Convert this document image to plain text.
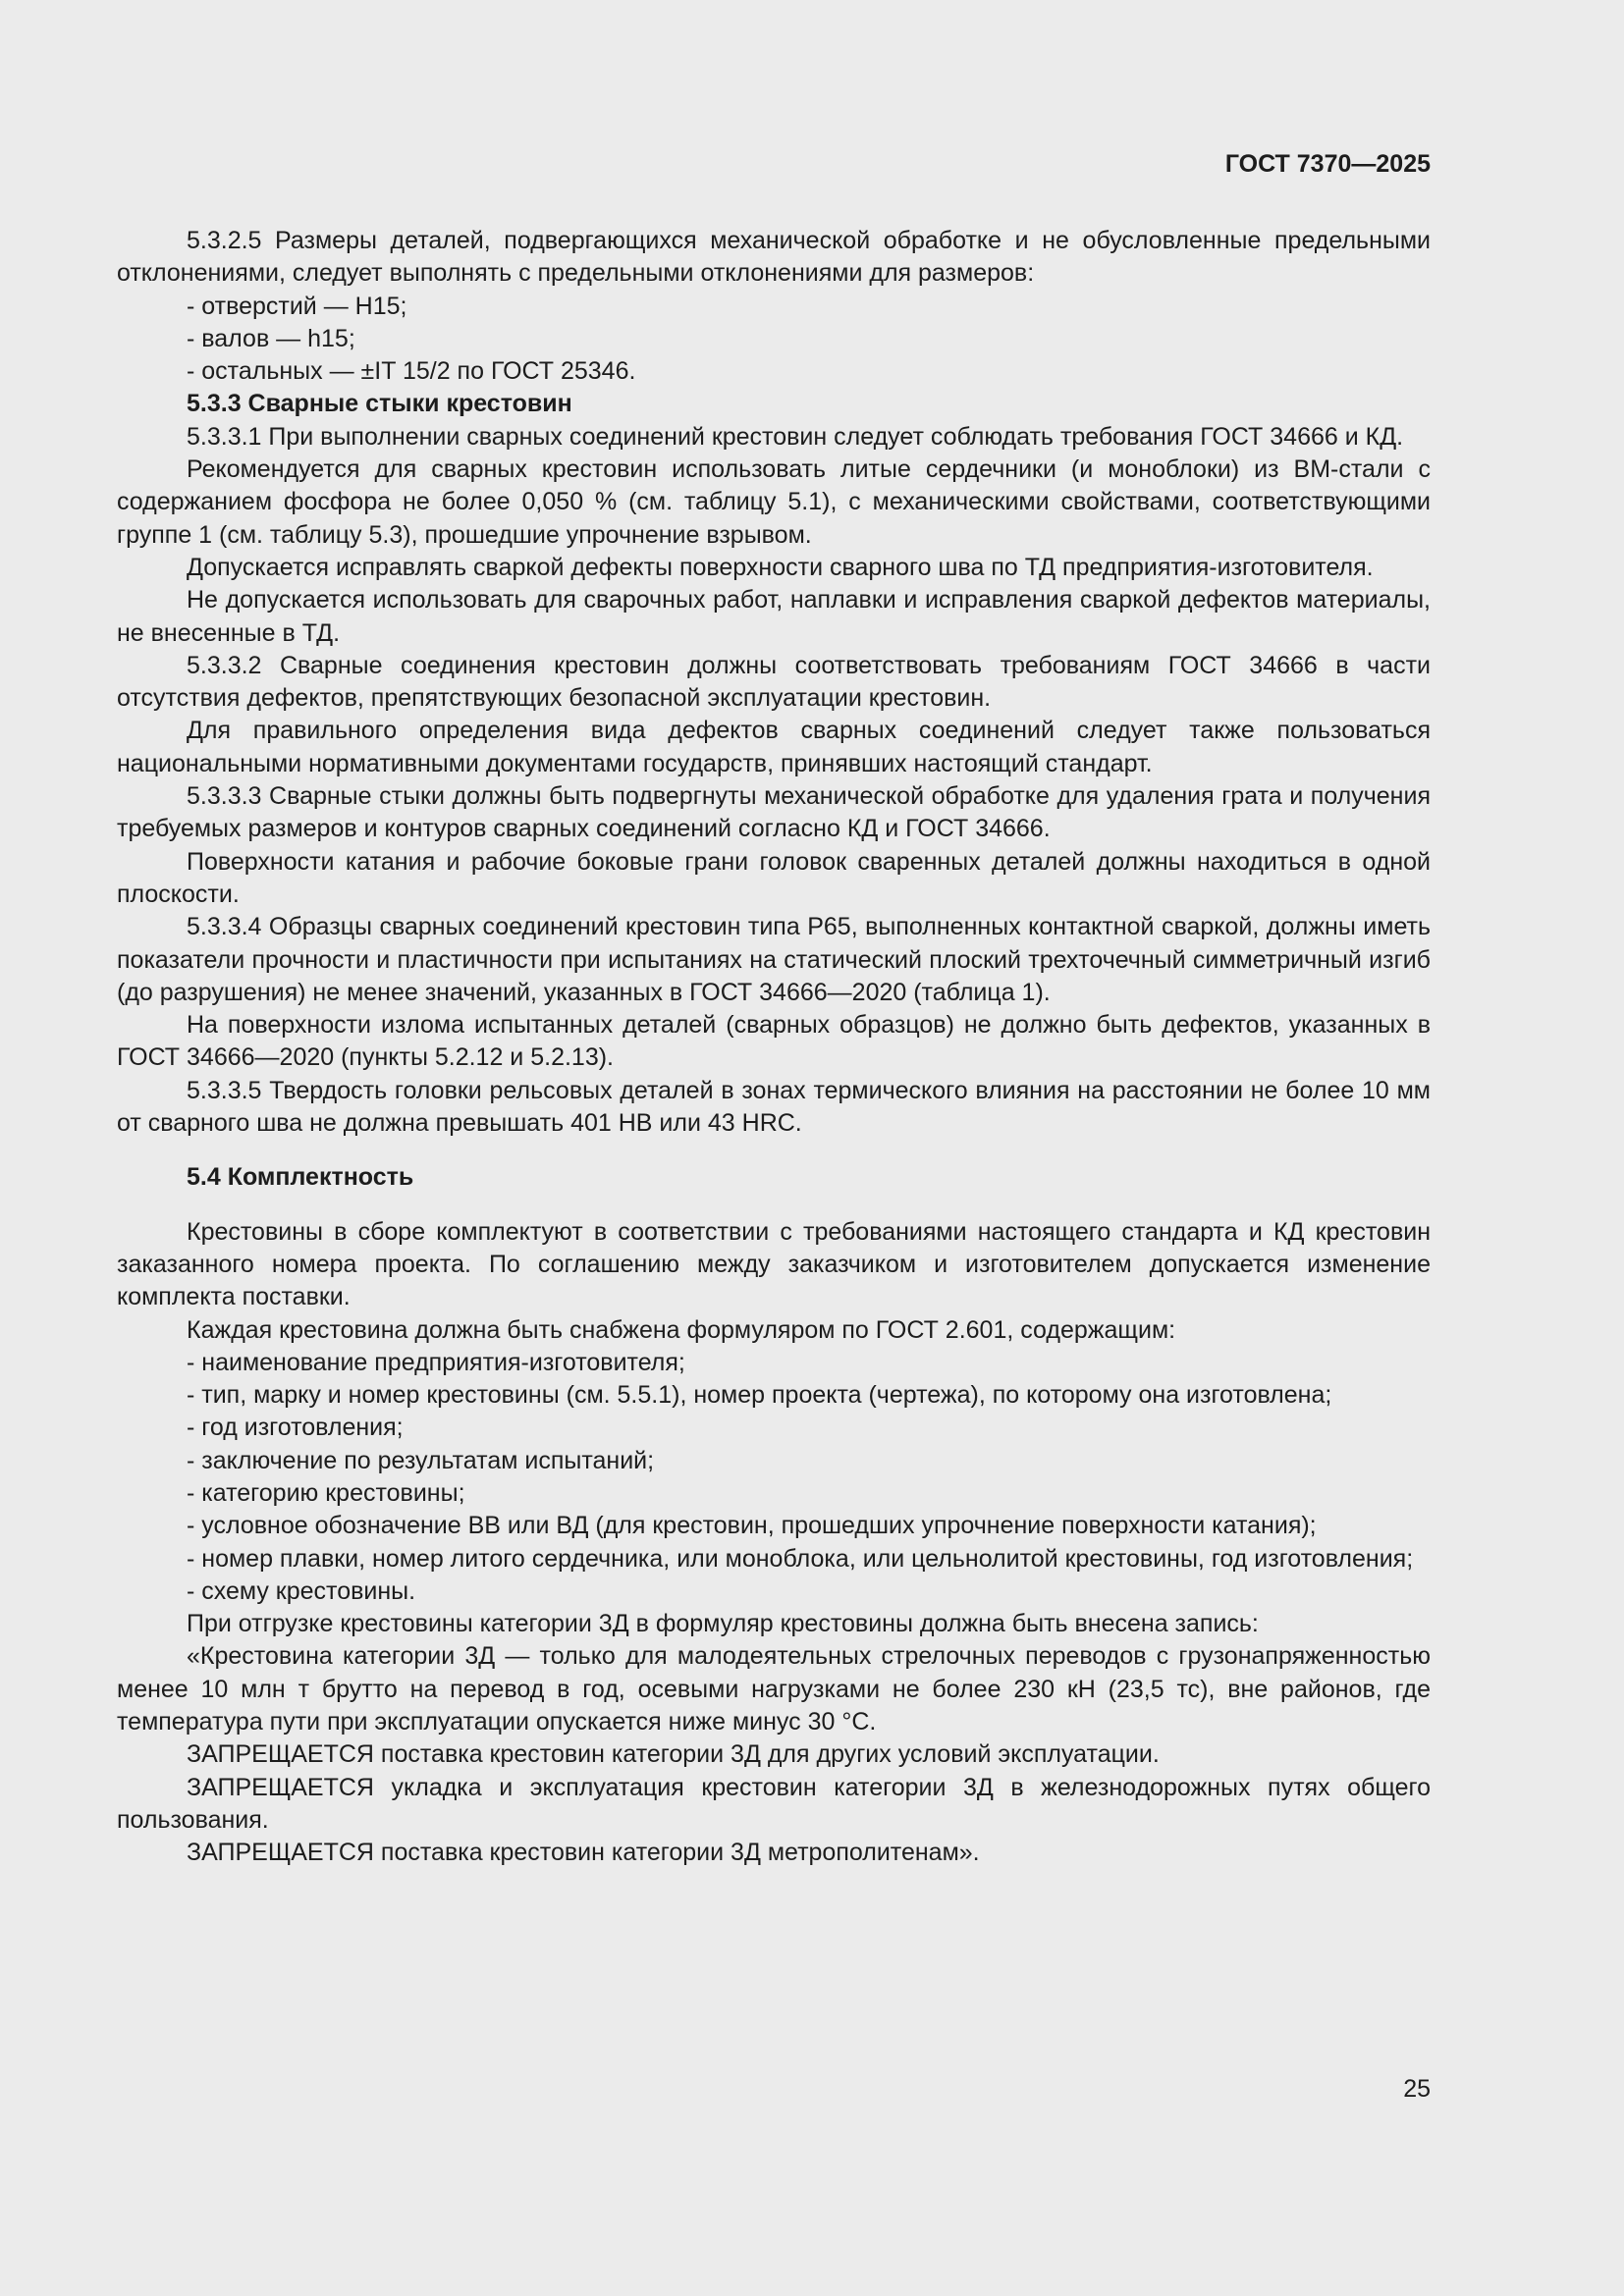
ГОСТ 7370—2025

5.3.2.5 Размеры деталей, подвергающихся механической обработке и не обусловленные предельными отклонениями, следует выполнять с предельными отклонениями для размеров:

- отверстий — H15;

- валов — h15;

- остальных — ±IT 15/2 по ГОСТ 25346.

5.3.3 Сварные стыки крестовин

5.3.3.1 При выполнении сварных соединений крестовин следует соблюдать требования ГОСТ 34666 и КД.

Рекомендуется для сварных крестовин использовать литые сердечники (и моноблоки) из ВМ-стали с содержанием фосфора не более 0,050 % (см. таблицу 5.1), с механическими свойствами, соответствующими группе 1 (см. таблицу 5.3), прошедшие упрочнение взрывом.

Допускается исправлять сваркой дефекты поверхности сварного шва по ТД предприятия-изготовителя.

Не допускается использовать для сварочных работ, наплавки и исправления сваркой дефектов материалы, не внесенные в ТД.

5.3.3.2 Сварные соединения крестовин должны соответствовать требованиям ГОСТ 34666 в части отсутствия дефектов, препятствующих безопасной эксплуатации крестовин.

Для правильного определения вида дефектов сварных соединений следует также пользоваться национальными нормативными документами государств, принявших настоящий стандарт.

5.3.3.3 Сварные стыки должны быть подвергнуты механической обработке для удаления грата и получения требуемых размеров и контуров сварных соединений согласно КД и ГОСТ 34666.

Поверхности катания и рабочие боковые грани головок сваренных деталей должны находиться в одной плоскости.

5.3.3.4 Образцы сварных соединений крестовин типа Р65, выполненных контактной сваркой, должны иметь показатели прочности и пластичности при испытаниях на статический плоский трехточечный симметричный изгиб (до разрушения) не менее значений, указанных в ГОСТ 34666—2020 (таблица 1).

На поверхности излома испытанных деталей (сварных образцов) не должно быть дефектов, указанных в ГОСТ 34666—2020 (пункты 5.2.12 и 5.2.13).

5.3.3.5 Твердость головки рельсовых деталей в зонах термического влияния на расстоянии не более 10 мм от сварного шва не должна превышать 401 НВ или 43 HRC.

5.4 Комплектность

Крестовины в сборе комплектуют в соответствии с требованиями настоящего стандарта и КД крестовин заказанного номера проекта. По соглашению между заказчиком и изготовителем допускается изменение комплекта поставки.

Каждая крестовина должна быть снабжена формуляром по ГОСТ 2.601, содержащим:

- наименование предприятия-изготовителя;

- тип, марку и номер крестовины (см. 5.5.1), номер проекта (чертежа), по которому она изготовлена;

- год изготовления;

- заключение по результатам испытаний;

- категорию крестовины;

- условное обозначение ВВ или ВД (для крестовин, прошедших упрочнение поверхности катания);

- номер плавки, номер литого сердечника, или моноблока, или цельнолитой крестовины, год изготовления;

- схему крестовины.

При отгрузке крестовины категории 3Д в формуляр крестовины должна быть внесена запись:

«Крестовина категории 3Д — только для малодеятельных стрелочных переводов с грузонапряженностью менее 10 млн т брутто на перевод в год, осевыми нагрузками не более 230 кН (23,5 тс), вне районов, где температура пути при эксплуатации опускается ниже минус 30 °С.

ЗАПРЕЩАЕТСЯ поставка крестовин категории 3Д для других условий эксплуатации.

ЗАПРЕЩАЕТСЯ укладка и эксплуатация крестовин категории 3Д в железнодорожных путях общего пользования.

ЗАПРЕЩАЕТСЯ поставка крестовин категории 3Д метрополитенам».

25
